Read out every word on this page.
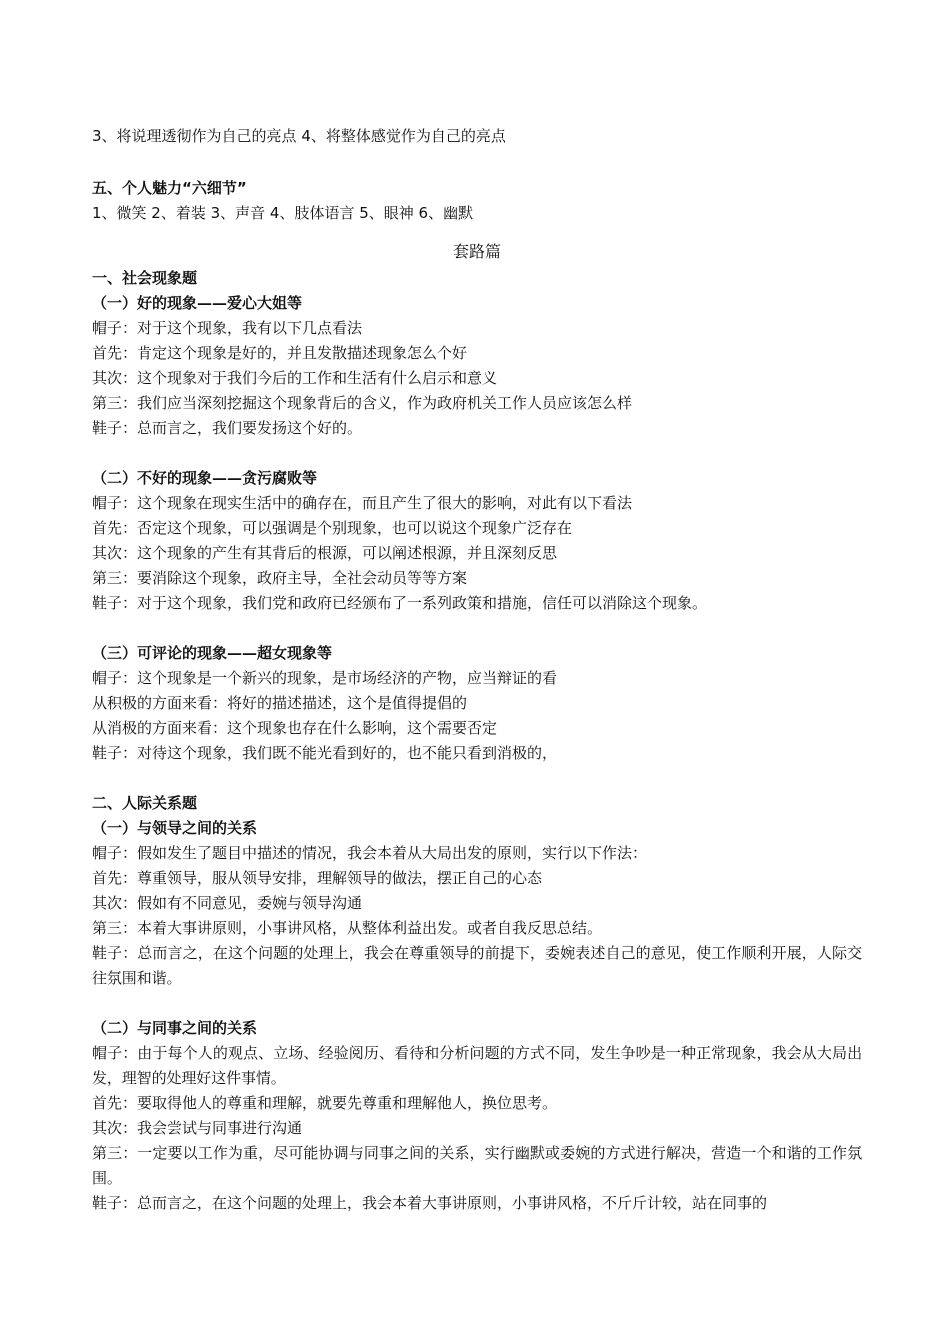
3、将说理透彻作为自己的亮点 4、将整体感觉作为自己的亮点
五、个人魅力“六细节”
1、微笑 2、着装 3、声音 4、肢体语言 5、眼神 6、幽默
套路篇
一、社会现象题
（一）好的现象——爱心大姐等
帽子：对于这个现象，我有以下几点看法
首先：肯定这个现象是好的，并且发散描述现象怎么个好
其次：这个现象对于我们今后的工作和生活有什么启示和意义
第三：我们应当深刻挖掘这个现象背后的含义，作为政府机关工作人员应该怎么样
鞋子：总而言之，我们要发扬这个好的。
（二）不好的现象——贪污腐败等
帽子：这个现象在现实生活中的确存在，而且产生了很大的影响，对此有以下看法
首先：否定这个现象，可以强调是个别现象，也可以说这个现象广泛存在
其次：这个现象的产生有其背后的根源，可以阐述根源，并且深刻反思
第三：要消除这个现象，政府主导，全社会动员等等方案
鞋子：对于这个现象，我们党和政府已经颁布了一系列政策和措施，信任可以消除这个现象。
（三）可评论的现象——超女现象等
帽子：这个现象是一个新兴的现象，是市场经济的产物，应当辩证的看
从积极的方面来看：将好的描述描述，这个是值得提倡的
从消极的方面来看：这个现象也存在什么影响，这个需要否定
鞋子：对待这个现象，我们既不能光看到好的，也不能只看到消极的，
二、人际关系题
（一）与领导之间的关系
帽子：假如发生了题目中描述的情况，我会本着从大局出发的原则，实行以下作法：
首先：尊重领导，服从领导安排，理解领导的做法，摆正自己的心态
其次：假如有不同意见，委婉与领导沟通
第三：本着大事讲原则，小事讲风格，从整体利益出发。或者自我反思总结。
鞋子：总而言之，在这个问题的处理上，我会在尊重领导的前提下，委婉表述自己的意见，使工作顺利开展，人际交往氛围和谐。
（二）与同事之间的关系
帽子：由于每个人的观点、立场、经验阅历、看待和分析问题的方式不同，发生争吵是一种正常现象，我会从大局出发，理智的处理好这件事情。
首先：要取得他人的尊重和理解，就要先尊重和理解他人，换位思考。
其次：我会尝试与同事进行沟通
第三：一定要以工作为重，尽可能协调与同事之间的关系，实行幽默或委婉的方式进行解决，营造一个和谐的工作氛围。
鞋子：总而言之，在这个问题的处理上，我会本着大事讲原则，小事讲风格，不斤斤计较，站在同事的
